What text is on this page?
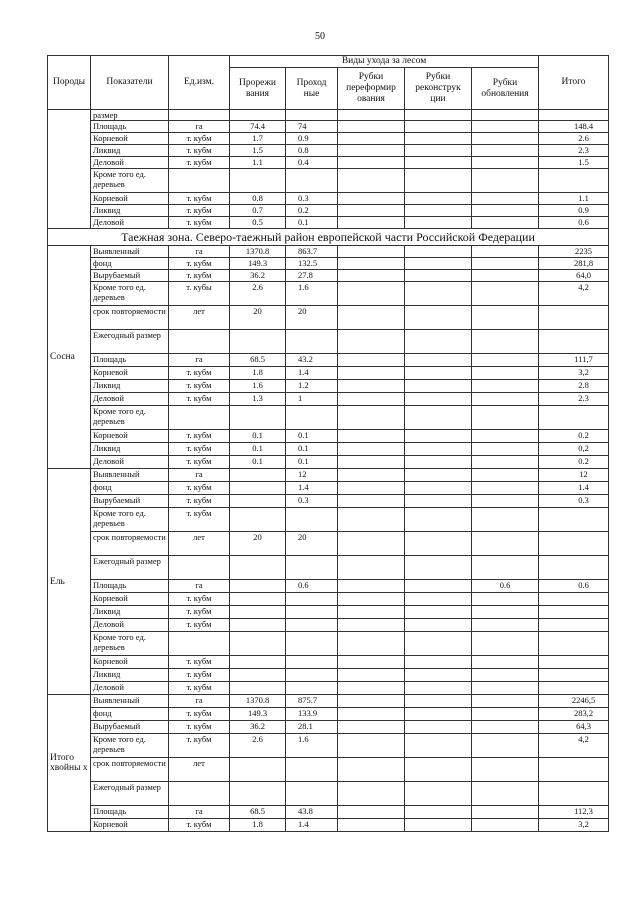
50
Породы	Показатели	Ед.изм.	Виды ухода за лесом					Итого
			Прорежи вания	Проход ные	Рубки переформир ования	Рубки реконструк ции	Рубки обновления	
	размер							
	Площадь	га	74.4	74				148.4
	Корневой	т. кубм	1.7	0.9				2.6
	Ликвид	т. кубм	1.5	0.8				2.3
	Деловой	т. кубм	1.1	0.4				1.5
	Кроме того ед. деревьев							
	Корневой	т. кубм	0.8	0.3				1.1
	Ликвид	т. кубм	0.7	0.2				0.9
	Деловой	т. кубм	0.5	0.1				0.6
Таежная зона. Северо-таежный район европейской части Российской Федерации								
Сосна	Выявленный	га	1370.8	863.7				2235
	фонд	т. кубм	149.3	132.5				281,8
	Вырубаемый	т. кубм	36.2	27.8				64,0
	Кроме того ед. деревьев	т. кубы	2.6	1.6				4,2
	срок повторяемости	лет	20	20				
	Ежегодный размер							
	Площадь	га	68.5	43.2				111,7
	Корневой	т. кубм	1.8	1.4				3,2
	Ликвид	т. кубм	1.6	1.2				2.8
	Деловой	т. кубм	1.3	1				2.3
	Кроме того ед. деревьев							
	Корневой	т. кубм	0.1	0.1				0.2
	Ликвид	т. кубм	0.1	0.1				0,2
	Деловой	т. кубм	0.1	0.1				0.2
Ель	Выявленный	га		12				12
	фонд	т. кубм		1.4				1.4
	Вырубаемый	т. кубм		0.3				0.3
	Кроме того ед. деревьев	т. кубм						
	срок повторяемости	лет	20	20				
	Ежегодный размер							
	Площадь	га		0.6			0.6	0.6
	Корневой	т. кубм						
	Ликвид	т. кубм						
	Деловой	т. кубм						
	Кроме того ед. деревьев							
	Корневой	т. кубм						
	Ликвид	т. кубм						
	Деловой	т. кубм						
Итого хвойны х	Выявленный	га	1370.8	875.7				2246,5
	фонд	т. кубм	149.3	133.9				283,2
	Вырубаемый	т. кубм	36.2	28.1				64,3
	Кроме того ед. деревьев	т. кубм	2.6	1.6				4,2
	срок повторяемости	лет						
	Ежегодный размер							
	Площадь	га	68.5	43.8				112,3
	Корневой	т. кубм	1.8	1.4				3,2
